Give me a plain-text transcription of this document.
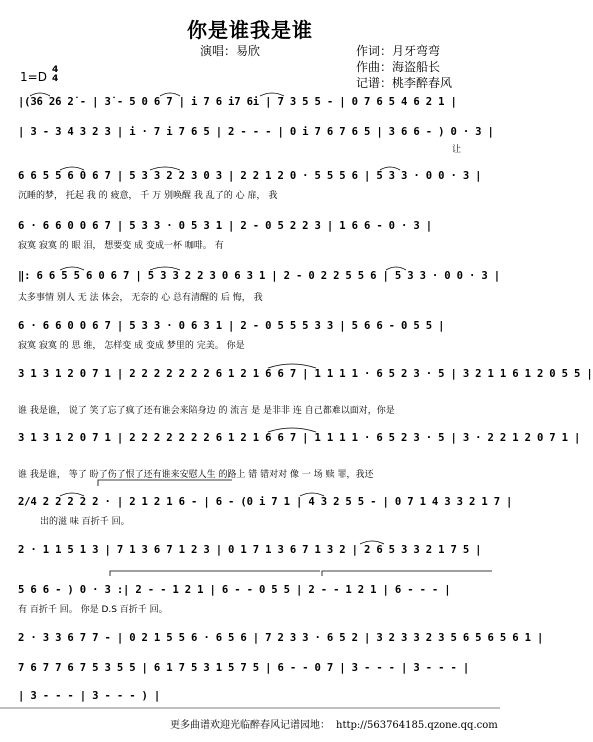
你是谁我是谁
演唱：易欣	作词：月牙弯弯
作曲：海盗船长
记谱：桃李醉春风
1=D 4
4
|(3̇6 2̇6 2̇ - | 3̇ - 5 0 6 7 | i 7 6 i7 6i | 7 3 5 5 - | 0 7 6 5 4 6 2 1 |
| 3 - 3 4 3 2 3 | i · 7 i 7 6 5 | 2 - - - | 0 i 7 6 7 6 5 | 3 6 6 - ) 0 · 3 |
让
6 6 5 5 6 0 6 7 | 5 3 3 2 2 3 0 3 | 2 2 1 2 0 · 5 5 5 6 | 5 3 3 · 0 0 · 3 |
沉睡的梦， 托起 我 的 疲意， 千 万 别唤醒 我 乱了的 心 扉， 我
6 · 6 6 0 0 6 7 | 5 3 3 · 0 5 3 1 | 2 - 0 5 2 2 3 | 1 6 6 - 0 · 3 |
寂寞 寂寞 的 眼 泪， 想要变 成 变成一杯 咖啡。 有
‖: 6 6 5 5 6 0 6 7 | 5 3 3 2 2 3 0 6 3 1 | 2 - 0 2 2 5 5 6 | 5 3 3 · 0 0 · 3 |
太多事情 别人 无 法 体会， 无奈的 心 总有清醒的 后 悔， 我
6 · 6 6 0 0 6 7 | 5 3 3 · 0 6 3 1 | 2 - 0 5 5 5 3 3 | 5 6 6 - 0 5 5 |
寂寞 寂寞 的 思 维， 怎样变 成 变成 梦里的 完美。 你是
3 1 3 1 2 0 7 1 | 2 2 2 2 2 2 2 6 1 2 1 6 6 7 | 1 1 1 1 · 6 5 2 3 · 5 | 3 2 1 1 6 1 2 0 5 5 |
谁 我是谁， 说了 笑了忘了疯了还有谁会来陪身边 的 流言 是 是非非 连 自己都难以面对，你是
3 1 3 1 2 0 7 1 | 2 2 2 2 2 2 2 6 1 2 1 6 6 7 | 1 1 1 1 · 6 5 2 3 · 5 | 3 · 2 2 1 2 0 7 1 |
谁 我是谁， 等了 盼了伤了恨了还有谁来安慰人生 的路上 错 错对对 像 一 场 赎 罪，我还
2/4 2 2 2 2 2 · | 2 1 2 1 6 - | 6 - (0 i 7 1 | 4 3 2 5 5 - | 0 7 1 4 3 3 2 1 7 |
出的滋 味 百折千 回。
2 · 1 1 5 1 3 | 7 1 3 6 7 1 2 3 | 0 1 7 1 3 6 7 1 3 2 | 2 6 5 3 3 2 1 7 5 |
5 6 6 - ) 0 · 3 :| 2 - - 1 2 1 | 6 - - 0 5 5 | 2 - - 1 2 1 | 6 - - - |
有 百折千 回。 你是 D.S 百折千 回。
2 · 3 3 6 7 7 - | 0 2 1 5 5 6 · 6 5 6 | 7 2 3 3 · 6 5 2 | 3 2 3 3 2 3 5 6 5 6 5 6 1 |
7 6 7 7 6 7 5 3 5 5 | 6 1 7 5 3 1 5 7 5 | 6 - - 0 7 | 3 - - - | 3 - - - |
| 3 - - - | 3 - - - ) |
更多曲谱欢迎光临醉春风记谱园地： http://563764185.qzone.qq.com
